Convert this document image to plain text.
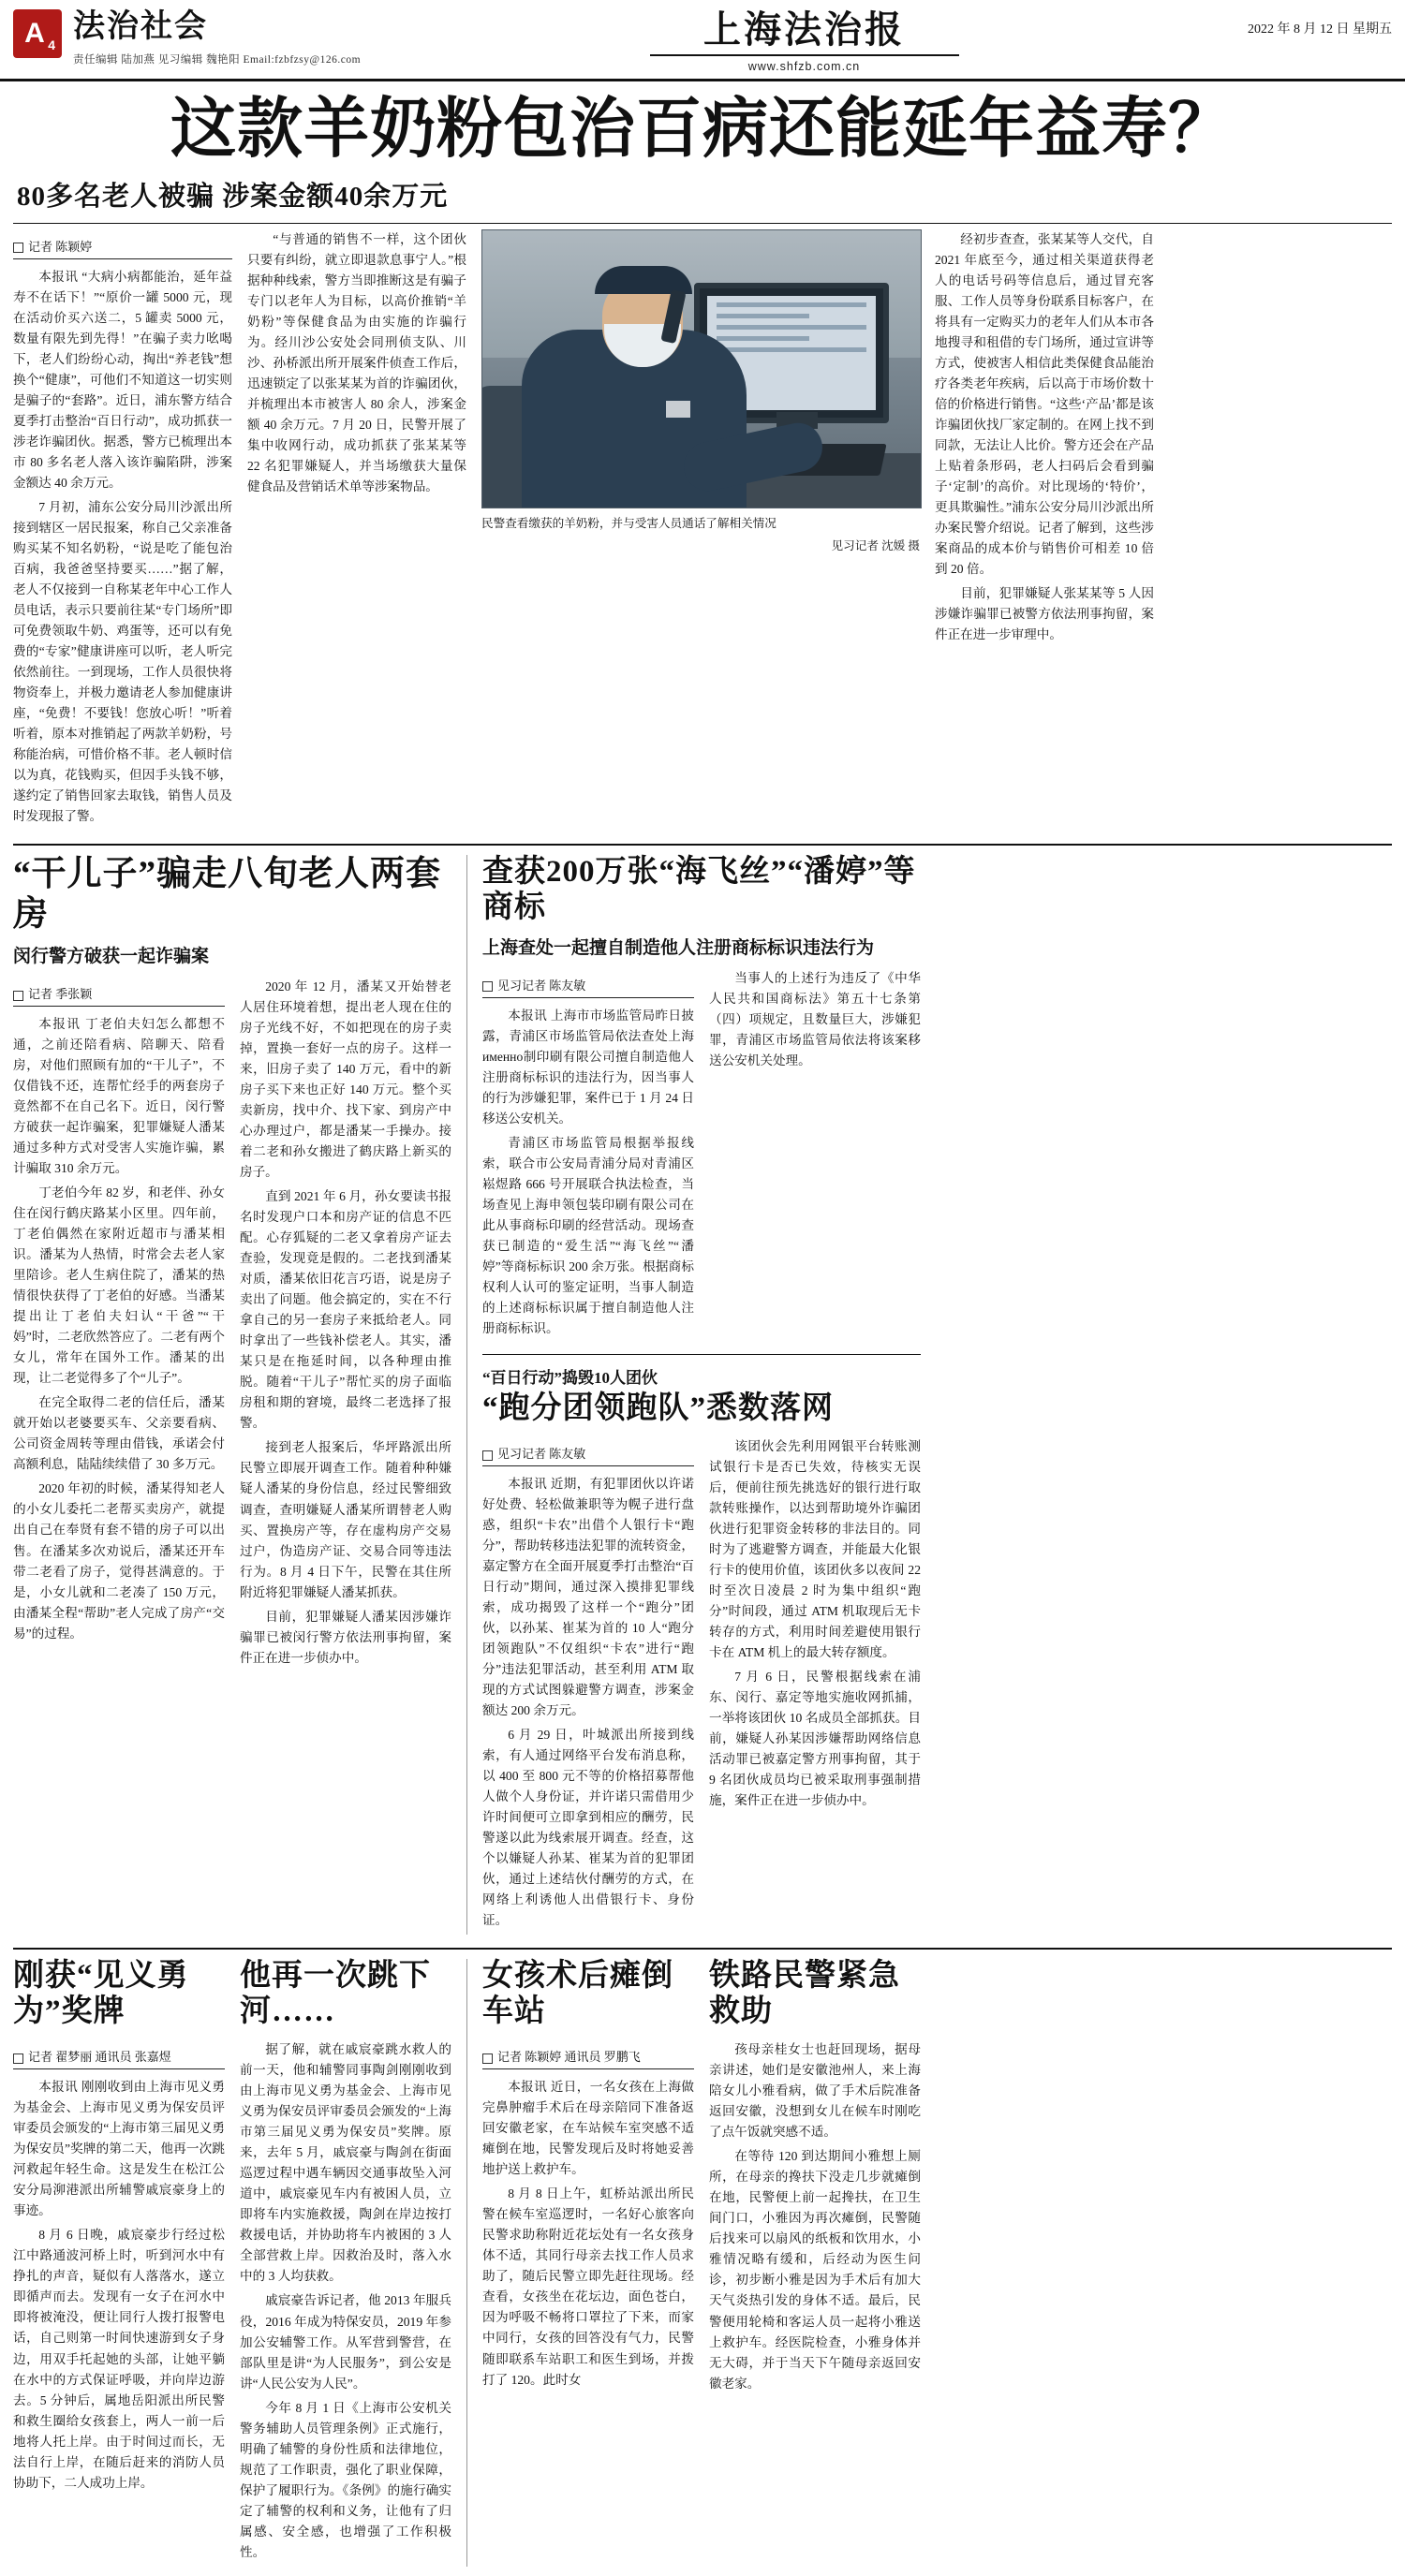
A 4
法治社会
责任编辑 陆加燕 见习编辑 魏艳阳 Email:fzbfzsy@126.com
上海法治报
www.shfzb.com.cn
2022 年 8 月 12 日 星期五
这款羊奶粉包治百病还能延年益寿？
80多名老人被骗 涉案金额40余万元
记者 陈颖婷

本报讯 “大病小病都能治，延年益寿不在话下！”“原价一罐 5000 元，现在活动价买六送二，5 罐卖 5000 元，数量有限先到先得！”在骗子卖力吆喝下，老人们纷纷心动，掏出“养老钱”想换个“健康”，可他们不知道这一切实则是骗子的“套路”。近日，浦东警方结合夏季打击整治“百日行动”，成功抓获一涉老诈骗团伙。据悉，警方已梳理出本市 80 多名老人落入该诈骗陷阱，涉案金额达 40 余万元。

7 月初，浦东公安分局川沙派出所接到辖区一居民报案，称自己父亲准备购买某不知名奶粉，“说是吃了能包治百病，我爸爸坚持要买……”据了解，老人不仅接到一自称某老年中心工作人员电话，表示只要前往某“专门场所”即可免费领取牛奶、鸡蛋等，还可以有免费的“专家”健康讲座可以听，老人听完依然前往。一到现场，工作人员很快将物资奉上，并极力邀请老人参加健康讲座，“免费！不要钱！您放心听！”听着听着，原本对推销起了两款羊奶粉，号称能治病，可惜价格不菲。老人顿时信以为真，花钱购买，但因手头钱不够，遂约定了销售回家去取钱，销售人员及时发现报了警。

“与普通的销售不一样，这个团伙只要有纠纷，就立即退款息事宁人。”根据种种线索，警方当即推断这是有骗子专门以老年人为目标，以高价推销“羊奶粉”等保健食品为由实施的诈骗行为。经川沙公安处会同刑侦支队、川沙、孙桥派出所开展案件侦查工作后，迅速锁定了以张某某为首的诈骗团伙，并梳理出本市被害人 80 余人，涉案金额 40 余万元。7 月 20 日，民警开展了集中收网行动，成功抓获了张某某等 22 名犯罪嫌疑人，并当场缴获大量保健食品及营销话术单等涉案物品。

民警查看缴获的羊奶粉，并与受害人员通话了解相关情况
见习记者 沈媛 摄

经初步查查，张某某等人交代，自 2021 年底至今，通过相关渠道获得老人的电话号码等信息后，通过冒充客服、工作人员等身份联系目标客户，在将具有一定购买力的老年人们从本市各地搜寻和租借的专门场所，通过宣讲等方式，使被害人相信此类保健食品能治疗各类老年疾病，后以高于市场价数十倍的价格进行销售。“这些‘产品’都是该诈骗团伙找厂家定制的。在网上找不到同款，无法让人比价。警方还会在产品上贴着条形码，老人扫码后会看到骗子‘定制’的高价。对比现场的‘特价’，更具欺骗性。”浦东公安分局川沙派出所办案民警介绍说。记者了解到，这些涉案商品的成本价与销售价可相差 10 倍到 20 倍。

目前，犯罪嫌疑人张某某等 5 人因涉嫌诈骗罪已被警方依法刑事拘留，案件正在进一步审理中。

“干儿子”骗走八旬老人两套房
闵行警方破获一起诈骗案
记者 季张颖

本报讯 丁老伯夫妇怎么都想不通，之前还陪看病、陪聊天、陪看房，对他们照顾有加的“干儿子”，不仅借钱不还，连帮忙经手的两套房子竟然都不在自己名下。近日，闵行警方破获一起诈骗案，犯罪嫌疑人潘某通过多种方式对受害人实施诈骗，累计骗取 310 余万元。

丁老伯今年 82 岁，和老伴、孙女住在闵行鹤庆路某小区里。四年前，丁老伯偶然在家附近超市与潘某相识。潘某为人热情，时常会去老人家里陪诊。老人生病住院了，潘某的热情很快获得了丁老伯的好感。当潘某提出让丁老伯夫妇认“干爸”“干妈”时，二老欣然答应了。二老有两个女儿，常年在国外工作。潘某的出现，让二老觉得多了个“儿子”。

在完全取得二老的信任后，潘某就开始以老婆要买车、父亲要看病、公司资金周转等理由借钱，承诺会付高额利息，陆陆续续借了 30 多万元。

2020 年初的时候，潘某得知老人的小女儿委托二老帮买卖房产，就提出自己在奉贤有套不错的房子可以出售。在潘某多次劝说后，潘某还开车带二老看了房子，觉得甚满意的。于是，小女儿就和二老凑了 150 万元，由潘某全程“帮助”老人完成了房产“交易”的过程。

2020 年 12 月，潘某又开始替老人居住环境着想，提出老人现在住的房子光线不好，不如把现在的房子卖掉，置换一套好一点的房子。这样一来，旧房子卖了 140 万元，看中的新房子买下来也正好 140 万元。整个买卖新房，找中介、找下家、到房产中心办理过户，都是潘某一手操办。接着二老和孙女搬进了鹤庆路上新买的房子。

直到 2021 年 6 月，孙女要读书报名时发现户口本和房产证的信息不匹配。心存狐疑的二老又拿着房产证去查验，发现竟是假的。二老找到潘某对质，潘某依旧花言巧语，说是房子卖出了问题。他会搞定的，实在不行拿自己的另一套房子来抵给老人。同时拿出了一些钱补偿老人。其实，潘某只是在拖延时间，以各种理由推脱。随着“干儿子”帮忙买的房子面临房租和期的窘境，最终二老选择了报警。

接到老人报案后，华坪路派出所民警立即展开调查工作。随着种种嫌疑人潘某的身份信息，经过民警细致调查，查明嫌疑人潘某所谓替老人购买、置换房产等，存在虚构房产交易过户，伪造房产证、交易合同等违法行为。8 月 4 日下午，民警在其住所附近将犯罪嫌疑人潘某抓获。

目前，犯罪嫌疑人潘某因涉嫌诈骗罪已被闵行警方依法刑事拘留，案件正在进一步侦办中。

查获200万张“海飞丝”“潘婷”等商标
上海查处一起擅自制造他人注册商标标识违法行为
见习记者 陈友敏

本报讯 上海市市场监管局昨日披露，青浦区市场监管局依法查处上海именно制印刷有限公司擅自制造他人注册商标标识的违法行为，因当事人的行为涉嫌犯罪，案件已于 1 月 24 日移送公安机关。

青浦区市场监管局根据举报线索，联合市公安局青浦分局对青浦区崧煜路 666 号开展联合执法检查，当场查见上海申领包装印刷有限公司在此从事商标印刷的经营活动。现场查获已制造的“爱生活”“海飞丝”“潘婷”等商标标识 200 余万张。根据商标权利人认可的鉴定证明，当事人制造的上述商标标识属于擅自制造他人注册商标标识。

当事人的上述行为违反了《中华人民共和国商标法》第五十七条第（四）项规定，且数量巨大，涉嫌犯罪，青浦区市场监管局依法将该案移送公安机关处理。

“百日行动”捣毁10人团伙
“跑分团领跑队”悉数落网
见习记者 陈友敏

本报讯 近期，有犯罪团伙以许诺好处费、轻松做兼职等为幌子进行盘惑，组织“卡农”出借个人银行卡“跑分”，帮助转移违法犯罪的流转资金，嘉定警方在全面开展夏季打击整治“百日行动”期间，通过深入摸排犯罪线索，成功揭毁了这样一个“跑分”团伙，以孙某、崔某为首的 10 人“跑分团领跑队”不仅组织“卡农”进行“跑分”违法犯罪活动，甚至利用 ATM 取现的方式试图躲避警方调查，涉案金额达 200 余万元。

6 月 29 日，叶城派出所接到线索，有人通过网络平台发布消息称，以 400 至 800 元不等的价格招募帮他人做个人身份证，并许诺只需借用少许时间便可立即拿到相应的酬劳，民警遂以此为线索展开调查。经查，这个以嫌疑人孙某、崔某为首的犯罪团伙，通过上述结伙付酬劳的方式，在网络上利诱他人出借银行卡、身份证。

该团伙会先利用网银平台转账测试银行卡是否已失效，待核实无误后，便前往预先挑选好的银行进行取款转账操作，以达到帮助境外诈骗团伙进行犯罪资金转移的非法目的。同时为了逃避警方调查，并能最大化银行卡的使用价值，该团伙多以夜间 22 时至次日凌晨 2 时为集中组织“跑分”时间段，通过 ATM 机取现后无卡转存的方式，利用时间差避使用银行卡在 ATM 机上的最大转存额度。

7 月 6 日，民警根据线索在浦东、闵行、嘉定等地实施收网抓捕，一举将该团伙 10 名成员全部抓获。目前，嫌疑人孙某因涉嫌帮助网络信息活动罪已被嘉定警方刑事拘留，其于 9 名团伙成员均已被采取刑事强制措施，案件正在进一步侦办中。

刚获“见义勇为”奖牌
他再一次跳下河……
记者 翟梦丽 通讯员 张嘉煜

本报讯 刚刚收到由上海市见义勇为基金会、上海市见义勇为保安员评审委员会颁发的“上海市第三届见义勇为保安员”奖牌的第二天，他再一次跳河救起年轻生命。这是发生在松江公安分局泖港派出所辅警戚宸豪身上的事迹。

8 月 6 日晚，戚宸豪步行经过松江中路通波河桥上时，听到河水中有挣扎的声音，疑似有人落落水，遂立即循声而去。发现有一女子在河水中即将被淹没，便让同行人拨打报警电话，自己则第一时间快速游到女子身边，用双手托起她的头部，让她平躺在水中的方式保证呼吸，并向岸边游去。5 分钟后，属地岳阳派出所民警和救生圈给女孩套上，两人一前一后地将人托上岸。由于时间过而长，无法自行上岸，在随后赶来的消防人员协助下，二人成功上岸。

据了解，就在戚宸豪跳水救人的前一天，他和辅警同事陶剑刚刚收到由上海市见义勇为基金会、上海市见义勇为保安员评审委员会颁发的“上海市第三届见义勇为保安员”奖牌。原来，去年 5 月，戚宸豪与陶剑在街面巡逻过程中遇车辆因交通事故坠入河道中，戚宸豪见车内有被困人员，立即将车内实施救援，陶剑在岸边按打救援电话，并协助将车内被困的 3 人全部营救上岸。因救治及时，落入水中的 3 人均获救。

戚宸豪告诉记者，他 2013 年服兵役，2016 年成为特保安员，2019 年参加公安辅警工作。从军营到警营，在部队里是讲“为人民服务”，到公安是讲“人民公安为人民”。

今年 8 月 1 日《上海市公安机关警务辅助人员管理条例》正式施行，明确了辅警的身份性质和法律地位，规范了工作职责，强化了职业保障，保护了履职行为。《条例》的施行确实定了辅警的权利和义务，让他有了归属感、安全感，也增强了工作积极性。

女孩术后瘫倒车站
铁路民警紧急救助
记者 陈颖婷 通讯员 罗鹏飞

本报讯 近日，一名女孩在上海做完鼻肿瘤手术后在母亲陪同下准备返回安徽老家，在车站候车室突感不适瘫倒在地，民警发现后及时将她妥善地护送上救护车。

8 月 8 日上午，虹桥站派出所民警在候车室巡逻时，一名好心旅客向民警求助称附近花坛处有一名女孩身体不适，其同行母亲去找工作人员求助了，随后民警立即先赶往现场。经查看，女孩坐在花坛边，面色苍白，因为呼吸不畅将口罩拉了下来，而家中同行，女孩的回答没有气力，民警随即联系车站职工和医生到场，并拨打了 120。此时女

孩母亲桂女士也赶回现场，据母亲讲述，她们是安徽池州人，来上海陪女儿小雅看病，做了手术后院准备返回安徽，没想到女儿在候车时刚吃了点午饭就突感不适。

在等待 120 到达期间小雅想上厕所，在母亲的搀扶下没走几步就瘫倒在地，民警便上前一起搀扶，在卫生间门口，小雅因为再次瘫倒，民警随后找来可以扇风的纸板和饮用水，小雅情况略有缓和，后经动为医生问诊，初步断小雅是因为手术后有加大天气炎热引发的身体不适。最后，民警便用轮椅和客运人员一起将小雅送上救护车。经医院检查，小雅身体并无大碍，并于当天下午随母亲返回安徽老家。
